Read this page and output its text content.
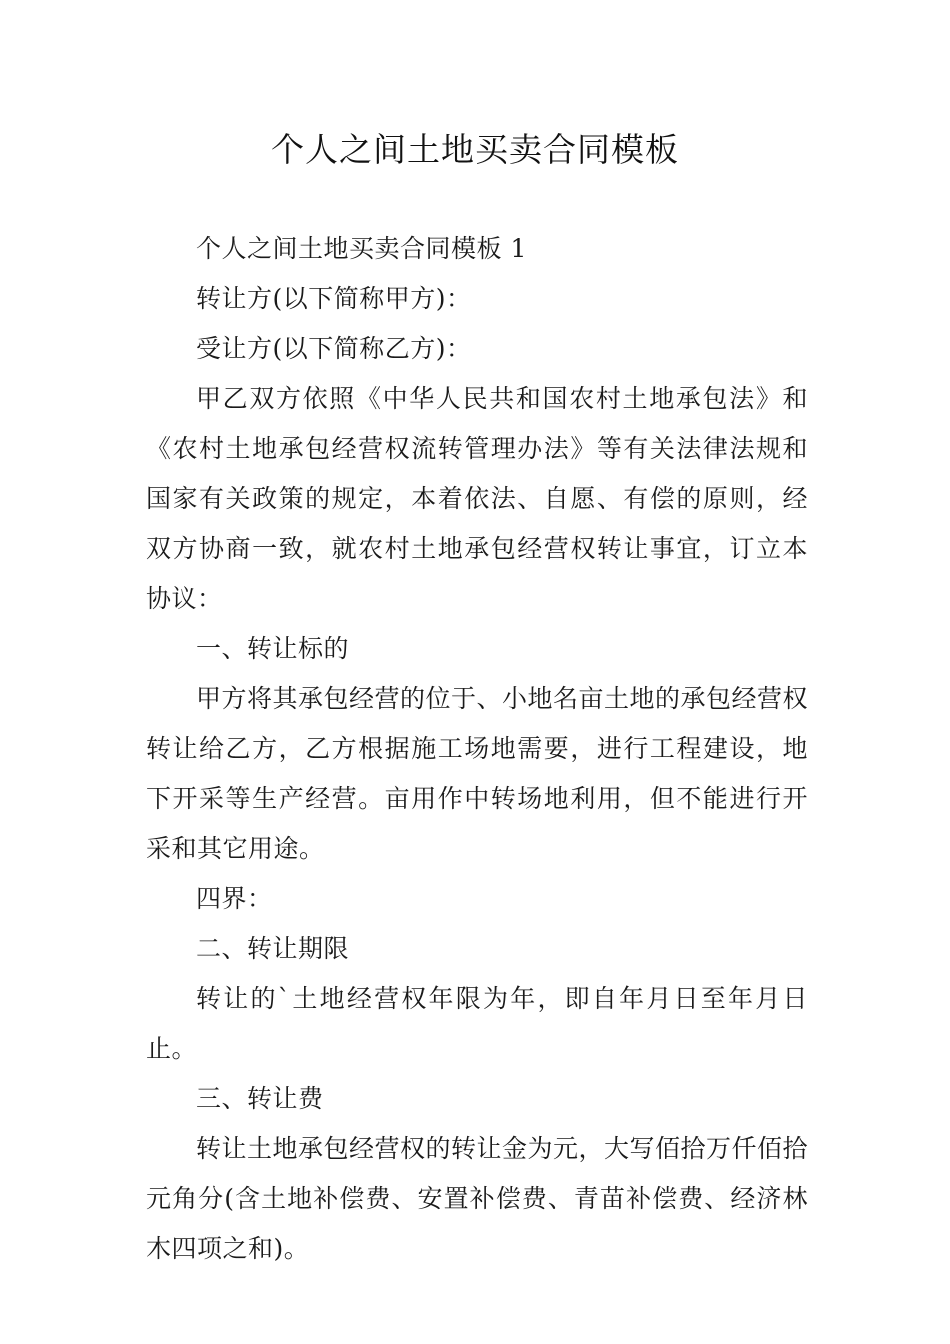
个人之间土地买卖合同模板

个人之间土地买卖合同模板 1

转让方(以下简称甲方)：

受让方(以下简称乙方)：

甲乙双方依照《中华人民共和国农村土地承包法》和《农村土地承包经营权流转管理办法》等有关法律法规和国家有关政策的规定，本着依法、自愿、有偿的原则，经双方协商一致，就农村土地承包经营权转让事宜，订立本协议：

一、转让标的

甲方将其承包经营的位于、小地名亩土地的承包经营权转让给乙方，乙方根据施工场地需要，进行工程建设，地下开采等生产经营。亩用作中转场地利用，但不能进行开采和其它用途。

四界：

二、转让期限

转让的`土地经营权年限为年，即自年月日至年月日止。

三、转让费

转让土地承包经营权的转让金为元，大写佰拾万仟佰拾元角分(含土地补偿费、安置补偿费、青苗补偿费、经济林木四项之和)。
